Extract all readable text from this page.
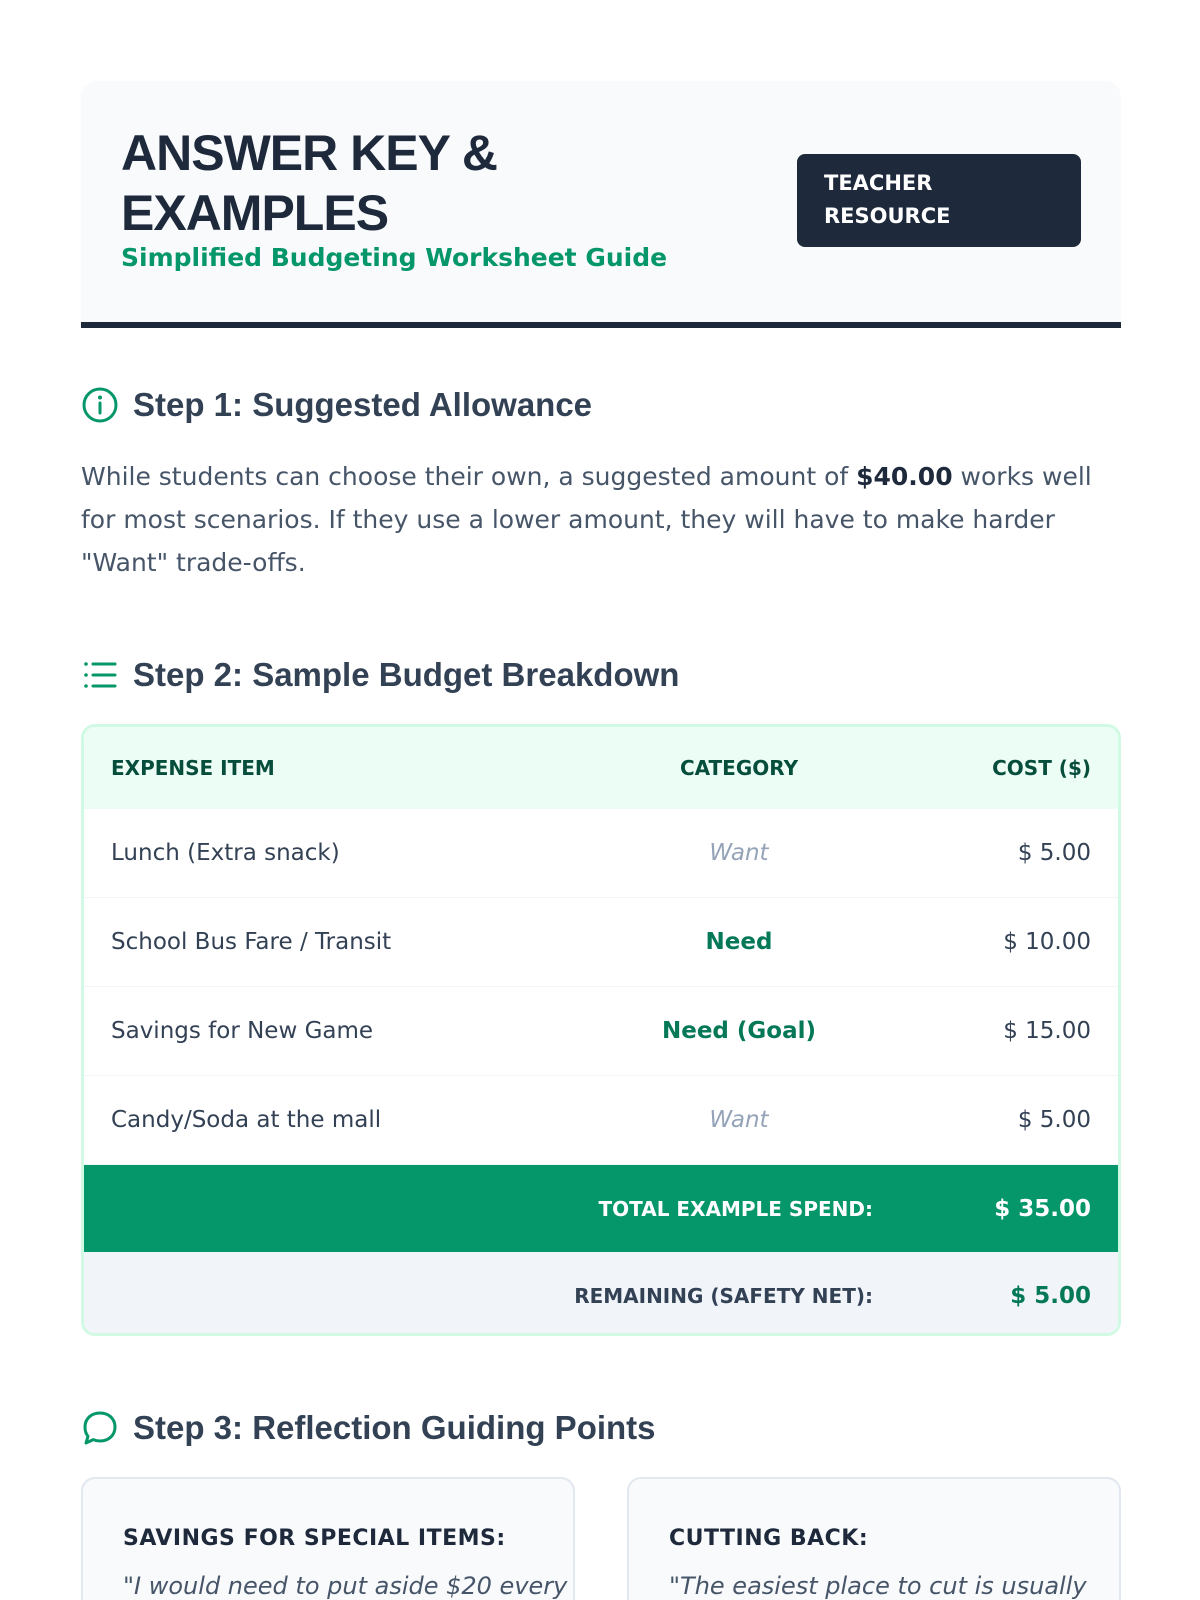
ANSWER KEY & EXAMPLES
Simplified Budgeting Worksheet Guide
TEACHER
RESOURCE
Step 1: Suggested Allowance
While students can choose their own, a suggested amount of $40.00 works well for most scenarios. If they use a lower amount, they will have to make harder "Want" trade-offs.
Step 2: Sample Budget Breakdown
EXPENSE ITEM	CATEGORY	COST ($)
Lunch (Extra snack)	Want	$ 5.00
School Bus Fare / Transit	Need	$ 10.00
Savings for New Game	Need (Goal)	$ 15.00
Candy/Soda at the mall	Want	$ 5.00
TOTAL EXAMPLE SPEND:	$ 35.00
REMAINING (SAFETY NET):	$ 5.00
Step 3: Reflection Guiding Points
SAVINGS FOR SPECIAL ITEMS:

"I would need to put aside $20 every

CUTTING BACK:

"The easiest place to cut is usually
